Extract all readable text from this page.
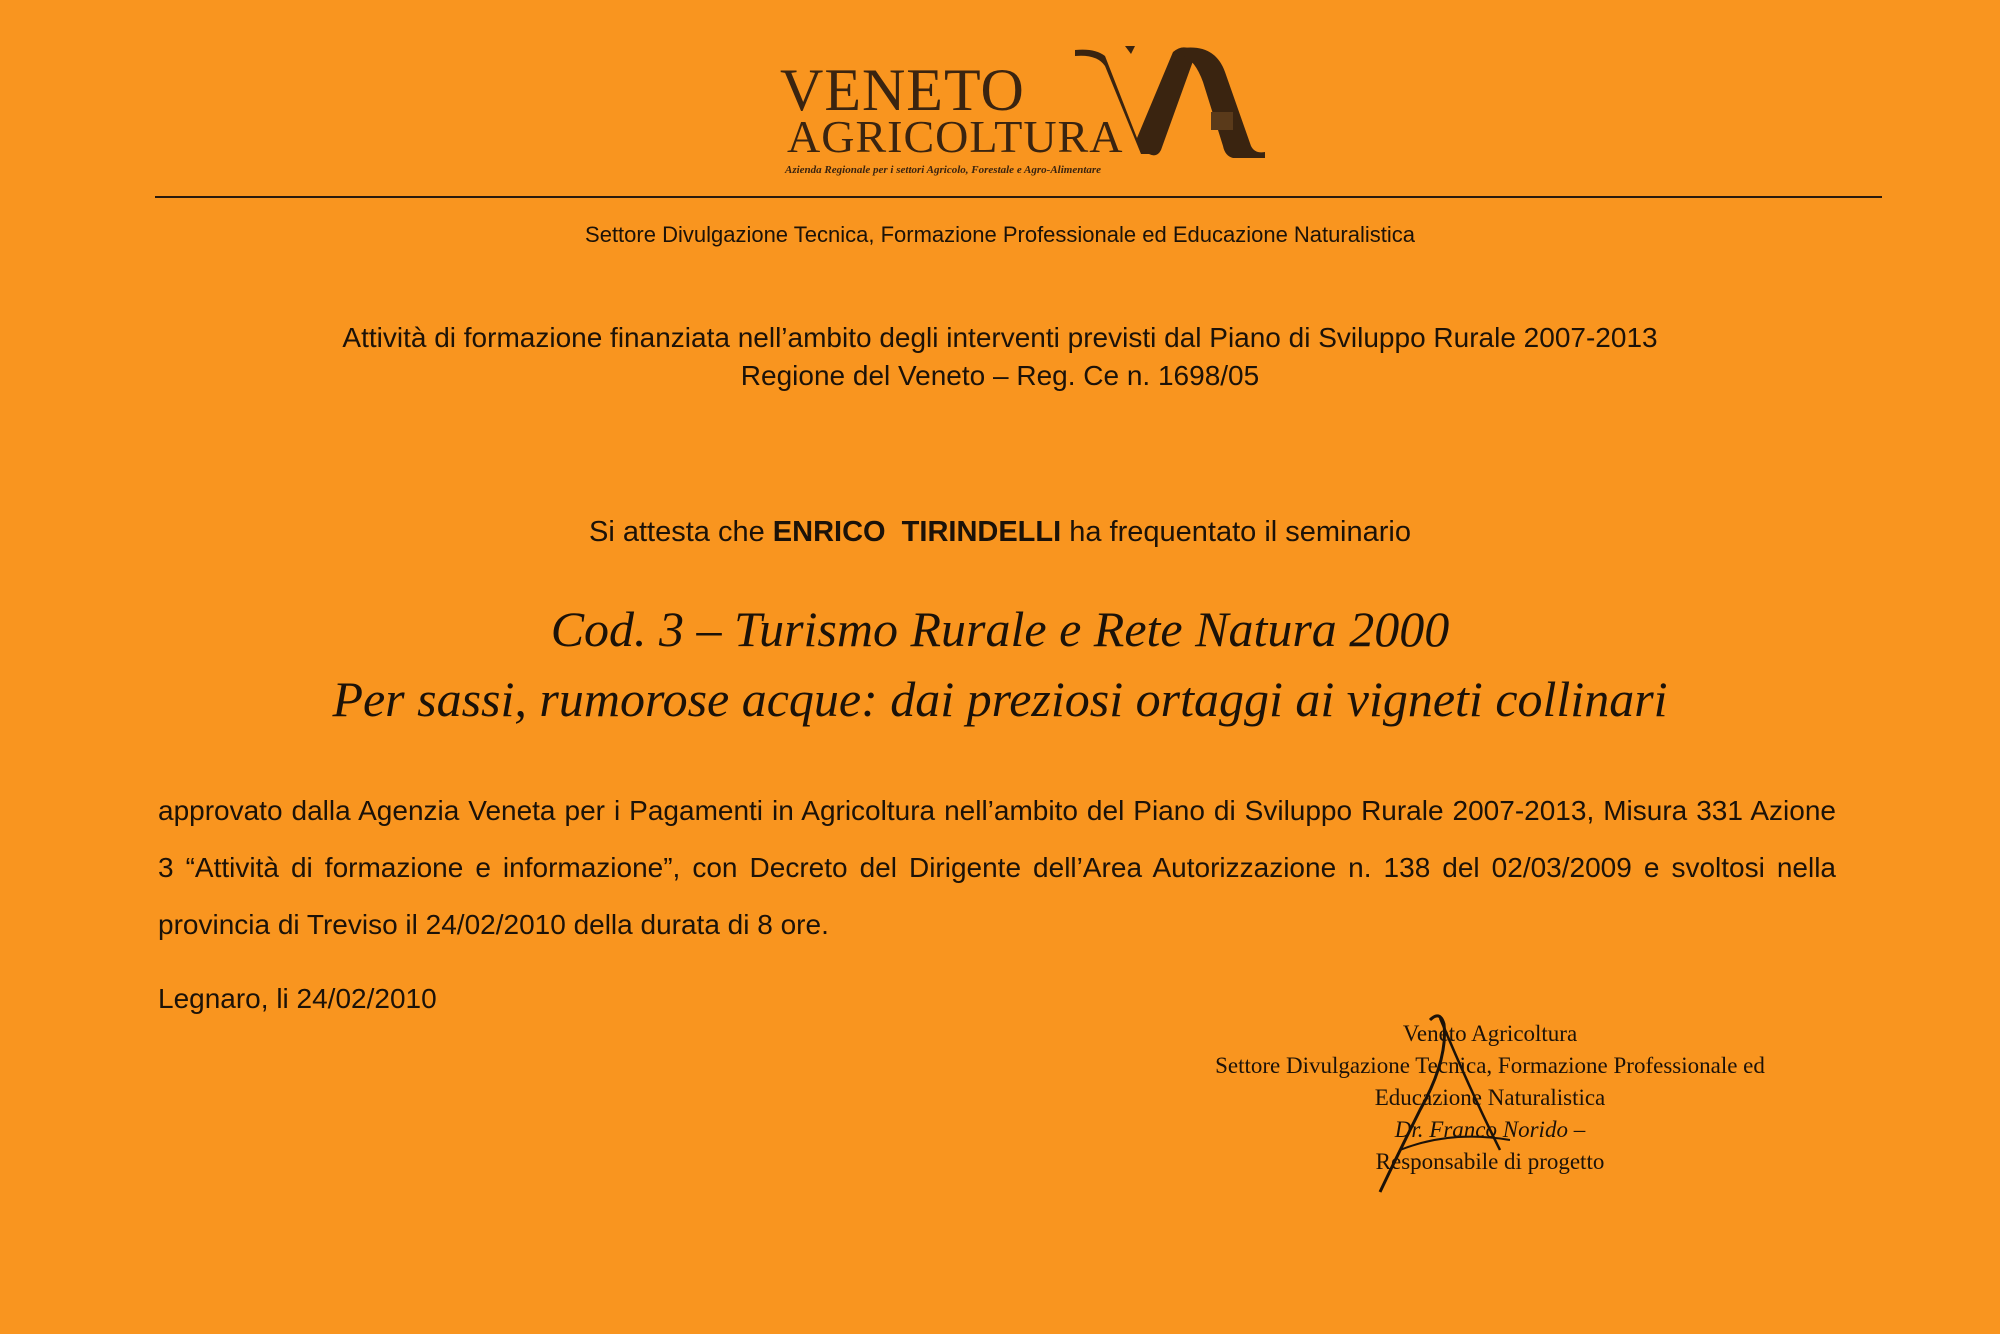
VENETO
AGRICOLTURA
Azienda Regionale per i settori Agricolo, Forestale e Agro-Alimentare
Settore Divulgazione Tecnica, Formazione Professionale ed Educazione Naturalistica
Attività di formazione finanziata nell’ambito degli interventi previsti dal Piano di Sviluppo Rurale 2007-2013
Regione del Veneto – Reg. Ce n. 1698/05
Si attesta che ENRICO  TIRINDELLI ha frequentato il seminario
Cod. 3 – Turismo Rurale e Rete Natura 2000
Per sassi, rumorose acque: dai preziosi ortaggi ai vigneti collinari
approvato dalla Agenzia Veneta per i Pagamenti in Agricoltura nell’ambito del Piano di Sviluppo Rurale 2007-2013, Misura 331 Azione 3 “Attività di formazione e informazione”, con Decreto del Dirigente dell’Area Autorizzazione n. 138 del 02/03/2009 e svoltosi nella provincia di Treviso il 24/02/2010 della durata di 8 ore.
Legnaro, li 24/02/2010
Veneto Agricoltura
Settore Divulgazione Tecnica, Formazione Professionale ed
Educazione Naturalistica
Dr. Franco Norido –
Responsabile di progetto
